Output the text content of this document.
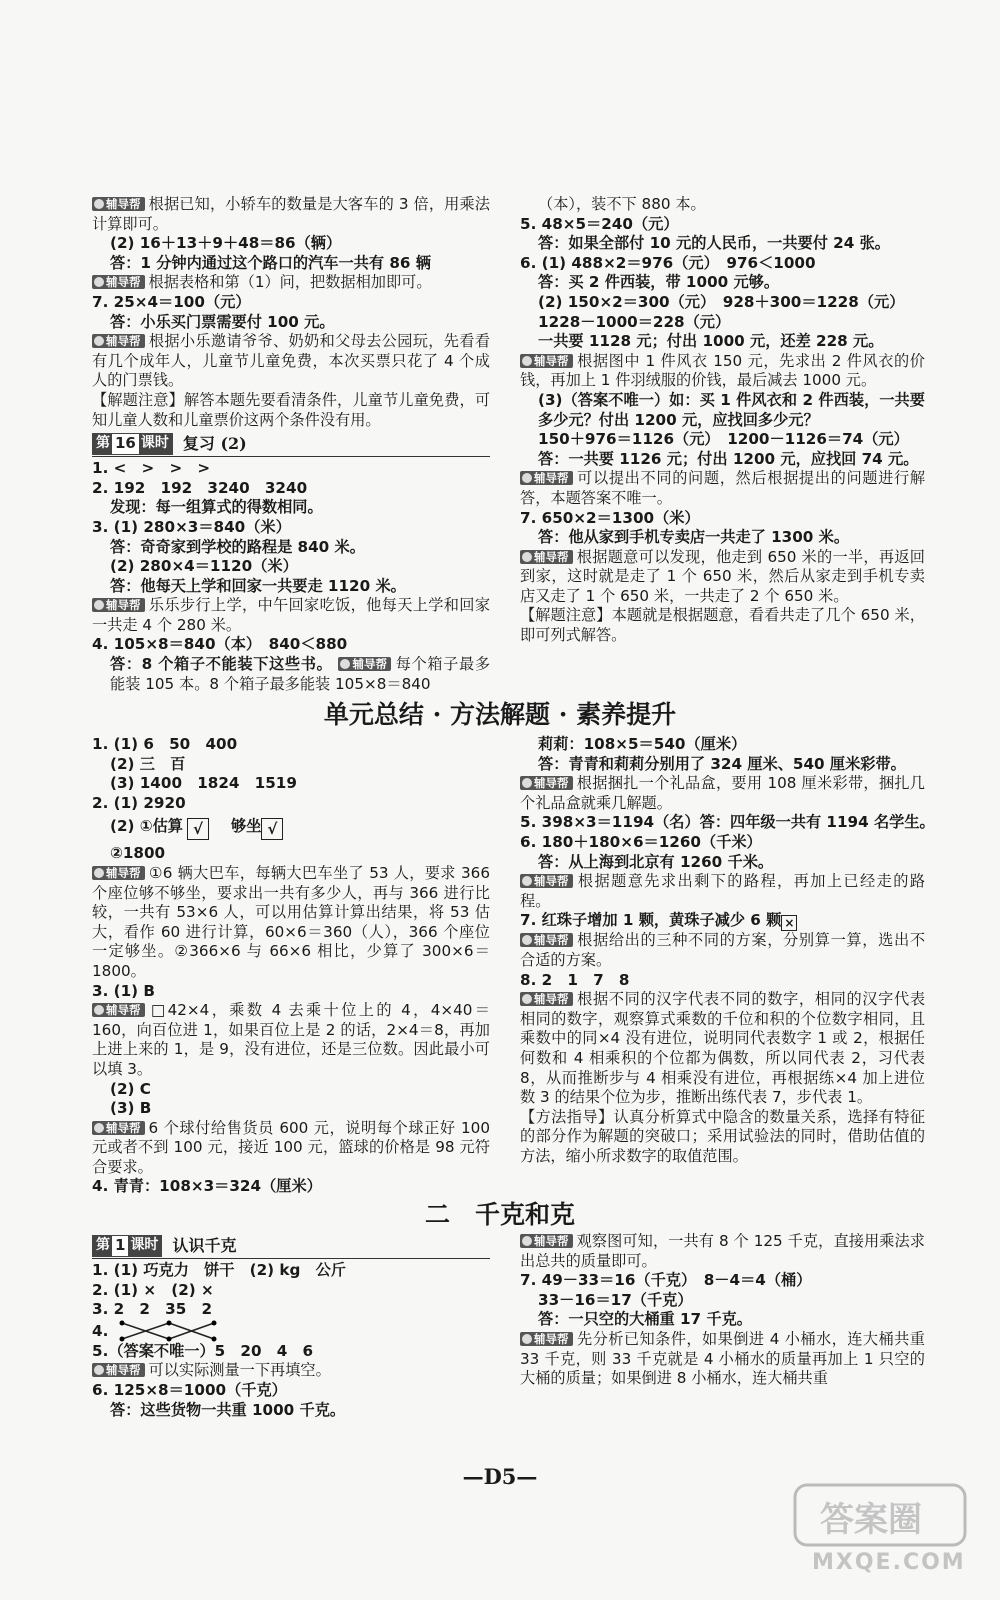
辅导帮 根据已知，小轿车的数量是大客车的 3 倍，用乘法计算即可。

(2) 16＋13＋9＋48＝86（辆）

答：1 分钟内通过这个路口的汽车一共有 86 辆

辅导帮 根据表格和第（1）问，把数据相加即可。

7. 25×4＝100（元）

答：小乐买门票需要付 100 元。

辅导帮 根据小乐邀请爷爷、奶奶和父母去公园玩，先看看有几个成年人，儿童节儿童免费，本次买票只花了 4 个成人的门票钱。

【解题注意】解答本题先要看清条件，儿童节儿童免费，可知儿童人数和儿童票价这两个条件没有用。

第 16 课时 复习 (2)

1. <　>　>　>

2. 192　192　3240　3240

发现：每一组算式的得数相同。

3. (1) 280×3＝840（米）

答：奇奇家到学校的路程是 840 米。

(2) 280×4＝1120（米）

答：他每天上学和回家一共要走 1120 米。

辅导帮 乐乐步行上学，中午回家吃饭，他每天上学和回家一共走 4 个 280 米。

4. 105×8＝840（本）　840＜880

答：8 个箱子不能装下这些书。 辅导帮 每个箱子最多能装 105 本。8 个箱子最多能装 105×8＝840

（本），装不下 880 本。

5. 48×5＝240（元）

答：如果全部付 10 元的人民币，一共要付 24 张。

6. (1) 488×2＝976（元）　976＜1000

答：买 2 件西装，带 1000 元够。

(2) 150×2＝300（元）　928＋300＝1228（元）

1228－1000＝228（元）

一共要 1128 元；付出 1000 元，还差 228 元。

辅导帮 根据图中 1 件风衣 150 元，先求出 2 件风衣的价钱，再加上 1 件羽绒服的价钱，最后减去 1000 元。

(3)（答案不唯一）如：买 1 件风衣和 2 件西装，一共要多少元？付出 1200 元，应找回多少元？

150＋976＝1126（元）　1200－1126＝74（元）

答：一共要 1126 元；付出 1200 元，应找回 74 元。

辅导帮 可以提出不同的问题，然后根据提出的问题进行解答，本题答案不唯一。

7. 650×2＝1300（米）

答：他从家到手机专卖店一共走了 1300 米。

辅导帮 根据题意可以发现，他走到 650 米的一半，再返回到家，这时就是走了 1 个 650 米，然后从家走到手机专卖店又走了 1 个 650 米，一共走了 2 个 650 米。

【解题注意】本题就是根据题意，看看共走了几个 650 米，即可列式解答。

单元总结 · 方法解题 · 素养提升

1. (1) 6　50　400

(2) 三　百

(3) 1400　1824　1519

2. (1) 2920

(2) ①估算 √ 够坐 √

②1800

辅导帮 ①6 辆大巴车，每辆大巴车坐了 53 人，要求 366 个座位够不够坐，要求出一共有多少人，再与 366 进行比较，一共有 53×6 人，可以用估算计算出结果，将 53 估大，看作 60 进行计算，60×6＝360（人），366 个座位一定够坐。②366×6 与 66×6 相比，少算了 300×6＝1800。

3. (1) B

辅导帮 □42×4，乘数 4 去乘十位上的 4，4×40＝160，向百位进 1，如果百位上是 2 的话，2×4＝8，再加上进上来的 1，是 9，没有进位，还是三位数。因此最小可以填 3。

(2) C

(3) B

辅导帮 6 个球付给售货员 600 元，说明每个球正好 100 元或者不到 100 元，接近 100 元，篮球的价格是 98 元符合要求。

4. 青青：108×3＝324（厘米）

莉莉：108×5＝540（厘米）

答：青青和莉莉分别用了 324 厘米、540 厘米彩带。

辅导帮 根据捆扎一个礼品盒，要用 108 厘米彩带，捆扎几个礼品盒就乘几解题。

5. 398×3＝1194（名）答：四年级一共有 1194 名学生。

6. 180＋180×6＝1260（千米）

答：从上海到北京有 1260 千米。

辅导帮 根据题意先求出剩下的路程，再加上已经走的路程。

7. 红珠子增加 1 颗，黄珠子减少 6 颗 ×

辅导帮 根据给出的三种不同的方案，分别算一算，选出不合适的方案。

8. 2　1　7　8

辅导帮 根据不同的汉字代表不同的数字，相同的汉字代表相同的数字，观察算式乘数的千位和积的个位数字相同，且乘数中的同×4 没有进位，说明同代表数字 1 或 2，根据任何数和 4 相乘积的个位都为偶数，所以同代表 2，习代表 8，从而推断步与 4 相乘没有进位，再根据练×4 加上进位数 3 的结果个位为步，推断出练代表 7，步代表 1。

【方法指导】认真分析算式中隐含的数量关系，选择有特征的部分作为解题的突破口；采用试验法的同时，借助估值的方法，缩小所求数字的取值范围。

二　千克和克
第 1 课时 认识千克

1. (1) 巧克力　饼干　(2) kg　公斤

2. (1) ×　(2) ×

3. 2　2　35　2

4.

5.（答案不唯一）5　20　4　6

辅导帮 可以实际测量一下再填空。

6. 125×8＝1000（千克）

答：这些货物一共重 1000 千克。

辅导帮 观察图可知，一共有 8 个 125 千克，直接用乘法求出总共的质量即可。

7. 49－33＝16（千克）　8－4＝4（桶）

33－16＝17（千克）

答：一只空的大桶重 17 千克。

辅导帮 先分析已知条件，如果倒进 4 小桶水，连大桶共重 33 千克，则 33 千克就是 4 小桶水的质量再加上 1 只空的大桶的质量；如果倒进 8 小桶水，连大桶共重

—D5—
答案圈
MXQE.COM
